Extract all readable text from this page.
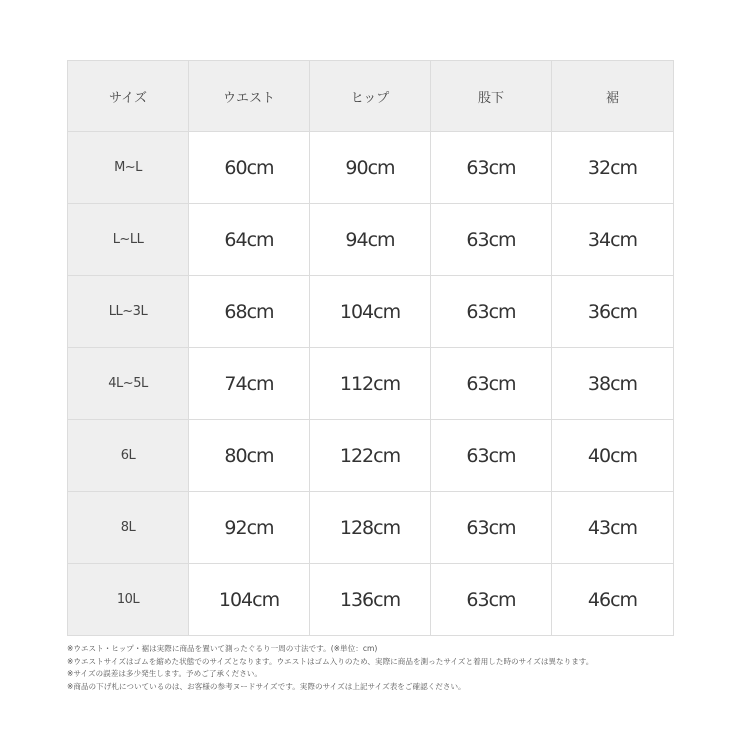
サイズ	ウエスト	ヒップ	股下	裾
M~L	60cm	90cm	63cm	32cm
L~LL	64cm	94cm	63cm	34cm
LL~3L	68cm	104cm	63cm	36cm
4L~5L	74cm	112cm	63cm	38cm
6L	80cm	122cm	63cm	40cm
8L	92cm	128cm	63cm	43cm
10L	104cm	136cm	63cm	46cm
※ウエスト・ヒップ・裾は実際に商品を置いて測ったぐるり一周の寸法です。(※単位：cm)
※ウエストサイズはゴムを縮めた状態でのサイズとなります。ウエストはゴム入りのため、実際に商品を測ったサイズと着用した時のサイズは異なります。
※サイズの誤差は多少発生します。予めご了承ください。
※商品の下げ札についているのは、お客様の参考ヌードサイズです。実際のサイズは上記サイズ表をご確認ください。
